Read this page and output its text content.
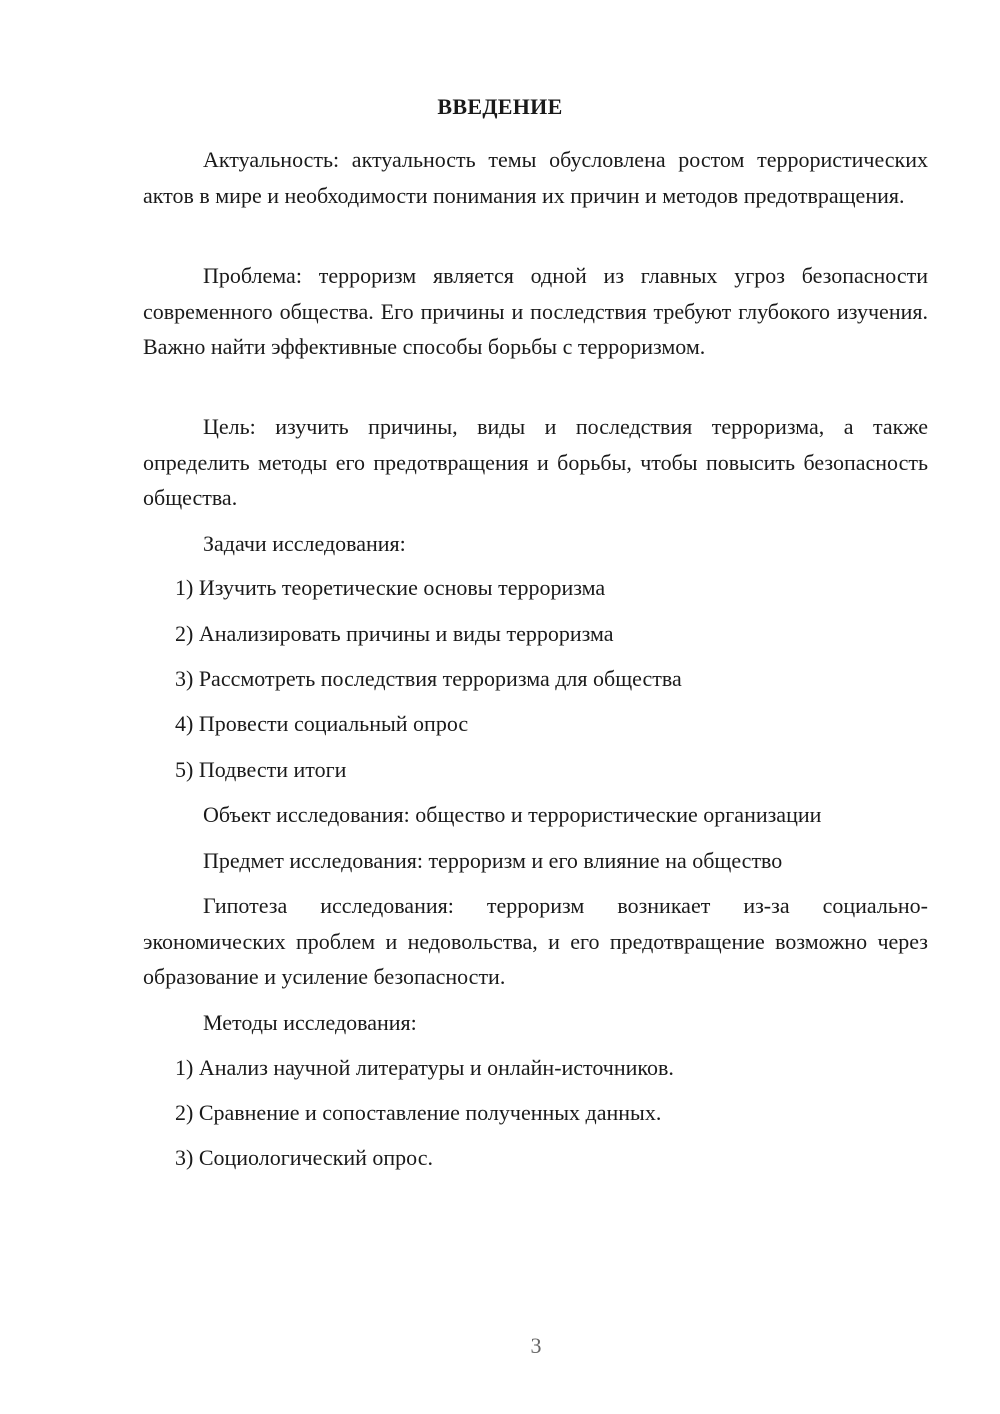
ВВЕДЕНИЕ

Актуальность: актуальность темы обусловлена ростом террористических актов в мире и необходимости понимания их причин и методов предотвращения.

Проблема: терроризм является одной из главных угроз безопасности современного общества. Его причины и последствия требуют глубокого изучения. Важно найти эффективные способы борьбы с терроризмом.

Цель: изучить причины, виды и последствия терроризма, а также определить методы его предотвращения и борьбы, чтобы повысить безопасность общества.

Задачи исследования:

1) Изучить теоретические основы терроризма

2) Анализировать причины и виды терроризма

3) Рассмотреть последствия терроризма для общества

4) Провести социальный опрос

5) Подвести итоги

Объект исследования: общество и террористические организации

Предмет исследования: терроризм и его влияние на общество

Гипотеза исследования: терроризм возникает из-за социально-экономических проблем и недовольства, и его предотвращение возможно через образование и усиление безопасности.

Методы исследования:

1) Анализ научной литературы и онлайн-источников.

2) Сравнение и сопоставление полученных данных.

3) Социологический опрос.

3
